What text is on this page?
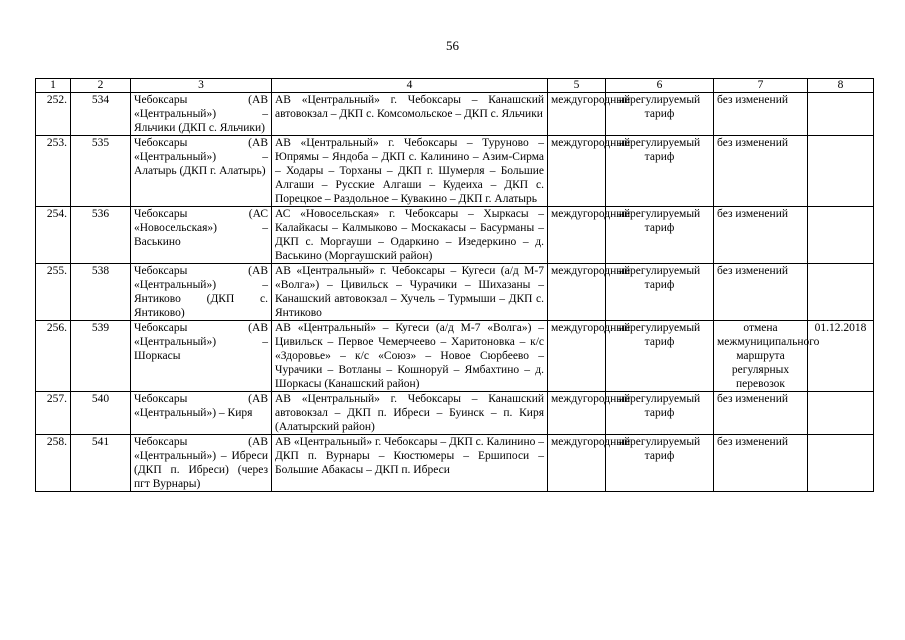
56
1	2	3	4	5	6	7	8
252.	534	Чебоксары (АВ «Центральный») – Яльчики (ДКП с. Яльчики)	АВ «Центральный» г. Чебоксары – Канашский автовокзал – ДКП с. Комсомольское – ДКП с. Яльчики	междугородный	нерегулируемый тариф	без изменений	
253.	535	Чебоксары (АВ «Центральный») – Алатырь (ДКП г. Алатырь)	АВ «Центральный» г. Чебоксары – Туруново – Юпрямы – Яндоба – ДКП с. Калинино – Азим-Сирма – Ходары – Торханы – ДКП г. Шумерля – Большие Алгаши – Русские Алгаши – Кудеиха – ДКП с. Порецкое – Раздольное – Кувакино – ДКП г. Алатырь	междугородный	нерегулируемый тариф	без изменений	
254.	536	Чебоксары (АС «Новосельская») – Васькино	АС «Новосельская» г. Чебоксары – Хыркасы – Калайкасы – Калмыково – Москакасы – Басурманы – ДКП с. Моргауши – Одаркино – Изедеркино – д. Васькино (Моргаушский район)	междугородный	нерегулируемый тариф	без изменений	
255.	538	Чебоксары (АВ «Центральный») – Янтиково (ДКП с. Янтиково)	АВ «Центральный» г. Чебоксары – Кугеси (а/д М-7 «Волга») – Цивильск – Чурачики – Шихазаны – Канашский автовокзал – Хучель – Турмыши – ДКП с. Янтиково	междугородный	нерегулируемый тариф	без изменений	
256.	539	Чебоксары (АВ «Центральный») – Шоркасы	АВ «Центральный» – Кугеси (а/д М-7 «Волга») – Цивильск – Первое Чемерчеево – Харитоновка – к/с «Здоровье» – к/с «Союз» – Новое Сюрбеево – Чурачики – Вотланы – Кошноруй – Ямбахтино – д. Шоркасы (Канашский район)	междугородный	нерегулируемый тариф	отмена межмуниципального маршрута регулярных перевозок	01.12.2018
257.	540	Чебоксары (АВ «Центральный») – Киря	АВ «Центральный» г. Чебоксары – Канашский автовокзал – ДКП п. Ибреси – Буинск – п. Киря (Алатырский район)	междугородный	нерегулируемый тариф	без изменений	
258.	541	Чебоксары (АВ «Центральный») – Ибреси (ДКП п. Ибреси) (через пгт Вурнары)	АВ «Центральный» г. Чебоксары – ДКП с. Калинино – ДКП п. Вурнары – Кюстюмеры – Ершипоси – Большие Абакасы – ДКП п. Ибреси	междугородный	нерегулируемый тариф	без изменений	
